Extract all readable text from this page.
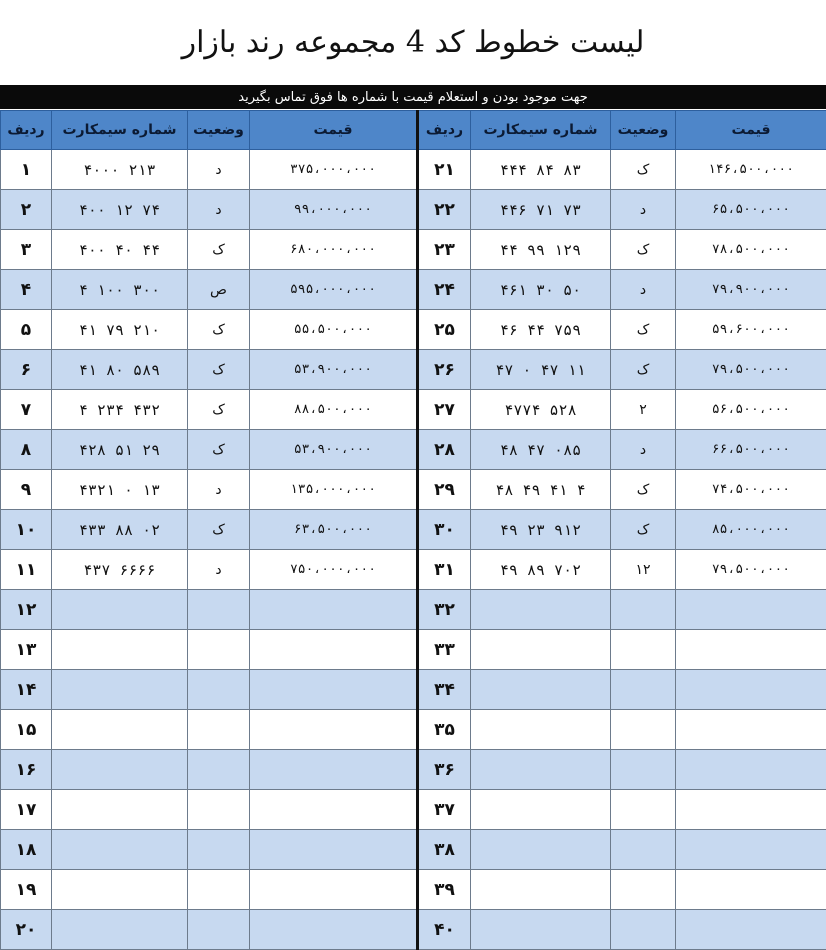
لیست خطوط کد 4 مجموعه رند بازار
جهت موجود بودن و استعلام قیمت با شماره ها فوق تماس بگیرید
ردیف	شماره سیمکارت	وضعیت	قیمت	ردیف	شماره سیمکارت	وضعیت	قیمت
۱	۴۰۰۰ ۲۱۳	د	۳۷۵،۰۰۰،۰۰۰	۲۱	۴۴۴ ۸۴ ۸۳	ک	۱۴۶،۵۰۰،۰۰۰
۲	۴۰۰ ۱۲ ۷۴	د	۹۹،۰۰۰،۰۰۰	۲۲	۴۴۶ ۷۱ ۷۳	د	۶۵،۵۰۰،۰۰۰
۳	۴۰۰ ۴۰ ۴۴	ک	۶۸۰،۰۰۰،۰۰۰	۲۳	۴۴ ۹۹ ۱۲۹	ک	۷۸،۵۰۰،۰۰۰
۴	۴ ۱۰۰ ۳۰۰	ص	۵۹۵،۰۰۰،۰۰۰	۲۴	۴۶۱ ۳۰ ۵۰	د	۷۹،۹۰۰،۰۰۰
۵	۴۱ ۷۹ ۲۱۰	ک	۵۵،۵۰۰،۰۰۰	۲۵	۴۶ ۴۴ ۷۵۹	ک	۵۹،۶۰۰،۰۰۰
۶	۴۱ ۸۰ ۵۸۹	ک	۵۳،۹۰۰،۰۰۰	۲۶	۴۷ ۰ ۴۷ ۱۱	ک	۷۹،۵۰۰،۰۰۰
۷	۴ ۲۳۴ ۴۳۲	ک	۸۸،۵۰۰،۰۰۰	۲۷	۴۷۷۴ ۵۲۸	۲	۵۶،۵۰۰،۰۰۰
۸	۴۲۸ ۵۱ ۲۹	ک	۵۳،۹۰۰،۰۰۰	۲۸	۴۸ ۴۷ ۰۸۵	د	۶۶،۵۰۰،۰۰۰
۹	۴۳۲۱ ۰ ۱۳	د	۱۳۵،۰۰۰،۰۰۰	۲۹	۴۸ ۴۹ ۴۱ ۴	ک	۷۴،۵۰۰،۰۰۰
۱۰	۴۳۳ ۸۸ ۰۲	ک	۶۳،۵۰۰،۰۰۰	۳۰	۴۹ ۲۳ ۹۱۲	ک	۸۵،۰۰۰،۰۰۰
۱۱	۴۳۷ ۶۶۶۶	د	۷۵۰،۰۰۰،۰۰۰	۳۱	۴۹ ۸۹ ۷۰۲	۱۲	۷۹،۵۰۰،۰۰۰
۱۲				۳۲			
۱۳				۳۳			
۱۴				۳۴			
۱۵				۳۵			
۱۶				۳۶			
۱۷				۳۷			
۱۸				۳۸			
۱۹				۳۹			
۲۰				۴۰			
